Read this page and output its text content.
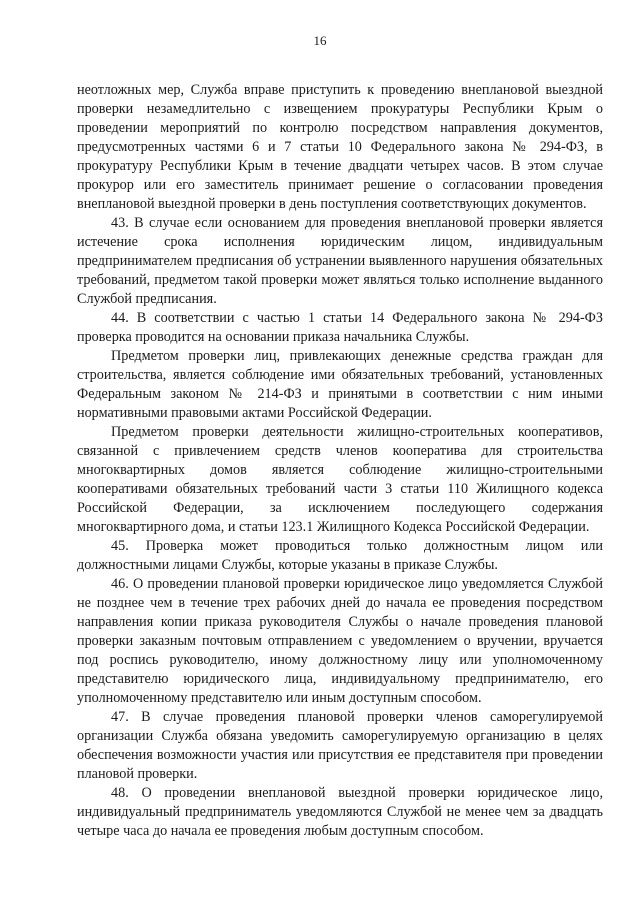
16

неотложных мер, Служба вправе приступить к проведению внеплановой выездной проверки незамедлительно с извещением прокуратуры Республики Крым о проведении мероприятий по контролю посредством направления документов, предусмотренных частями 6 и 7 статьи 10 Федерального закона № 294-ФЗ, в прокуратуру Республики Крым в течение двадцати четырех часов. В этом случае прокурор или его заместитель принимает решение о согласовании проведения внеплановой выездной проверки в день поступления соответствующих документов.

43. В случае если основанием для проведения внеплановой проверки является истечение срока исполнения юридическим лицом, индивидуальным предпринимателем предписания об устранении выявленного нарушения обязательных требований, предметом такой проверки может являться только исполнение выданного Службой предписания.

44. В соответствии с частью 1 статьи 14 Федерального закона № 294-ФЗ проверка проводится на основании приказа начальника Службы.

Предметом проверки лиц, привлекающих денежные средства граждан для строительства, является соблюдение ими обязательных требований, установленных Федеральным законом № 214-ФЗ и принятыми в соответствии с ним иными нормативными правовыми актами Российской Федерации.

Предметом проверки деятельности жилищно-строительных кооперативов, связанной с привлечением средств членов кооператива для строительства многоквартирных домов является соблюдение жилищно-строительными кооперативами обязательных требований части 3 статьи 110 Жилищного кодекса Российской Федерации, за исключением последующего содержания многоквартирного дома, и статьи 123.1 Жилищного Кодекса Российской Федерации.

45. Проверка может проводиться только должностным лицом или должностными лицами Службы, которые указаны в приказе Службы.

46. О проведении плановой проверки юридическое лицо уведомляется Службой не позднее чем в течение трех рабочих дней до начала ее проведения посредством направления копии приказа руководителя Службы о начале проведения плановой проверки заказным почтовым отправлением с уведомлением о вручении, вручается под роспись руководителю, иному должностному лицу или уполномоченному представителю юридического лица, индивидуальному предпринимателю, его уполномоченному представителю или иным доступным способом.

47. В случае проведения плановой проверки членов саморегулируемой организации Служба обязана уведомить саморегулируемую организацию в целях обеспечения возможности участия или присутствия ее представителя при проведении плановой проверки.

48. О проведении внеплановой выездной проверки юридическое лицо, индивидуальный предприниматель уведомляются Службой не менее чем за двадцать четыре часа до начала ее проведения любым доступным способом.
